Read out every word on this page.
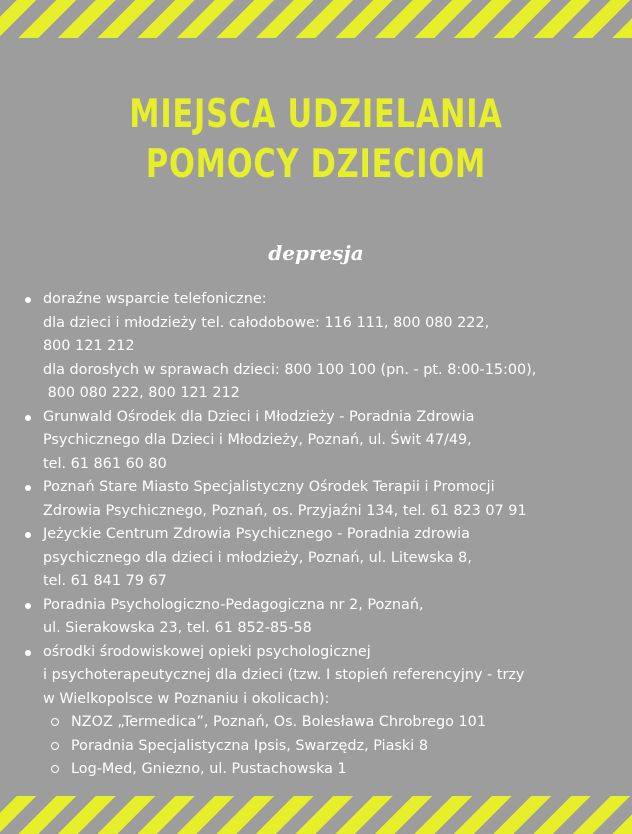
MIEJSCA UDZIELANIA
POMOCY DZIECIOM
depresja
doraźne wsparcie telefoniczne:
dla dzieci i młodzieży tel. całodobowe: 116 111, 800 080 222,
800 121 212
dla dorosłych w sprawach dzieci: 800 100 100 (pn. - pt. 8:00-15:00),
800 080 222, 800 121 212
Grunwald Ośrodek dla Dzieci i Młodzieży - Poradnia Zdrowia
Psychicznego dla Dzieci i Młodzieży, Poznań, ul. Świt 47/49,
tel. 61 861 60 80
Poznań Stare Miasto Specjalistyczny Ośrodek Terapii i Promocji
Zdrowia Psychicznego, Poznań, os. Przyjaźni 134, tel. 61 823 07 91
Jeżyckie Centrum Zdrowia Psychicznego - Poradnia zdrowia
psychicznego dla dzieci i młodzieży, Poznań, ul. Litewska 8,
tel. 61 841 79 67
Poradnia Psychologiczno-Pedagogiczna nr 2, Poznań,
ul. Sierakowska 23, tel. 61 852-85-58
ośrodki środowiskowej opieki psychologicznej
i psychoterapeutycznej dla dzieci (tzw. I stopień referencyjny - trzy
w Wielkopolsce w Poznaniu i okolicach):
NZOZ „Termedica”, Poznań, Os. Bolesława Chrobrego 101
Poradnia Specjalistyczna Ipsis, Swarzędz, Piaski 8
Log-Med, Gniezno, ul. Pustachowska 1
